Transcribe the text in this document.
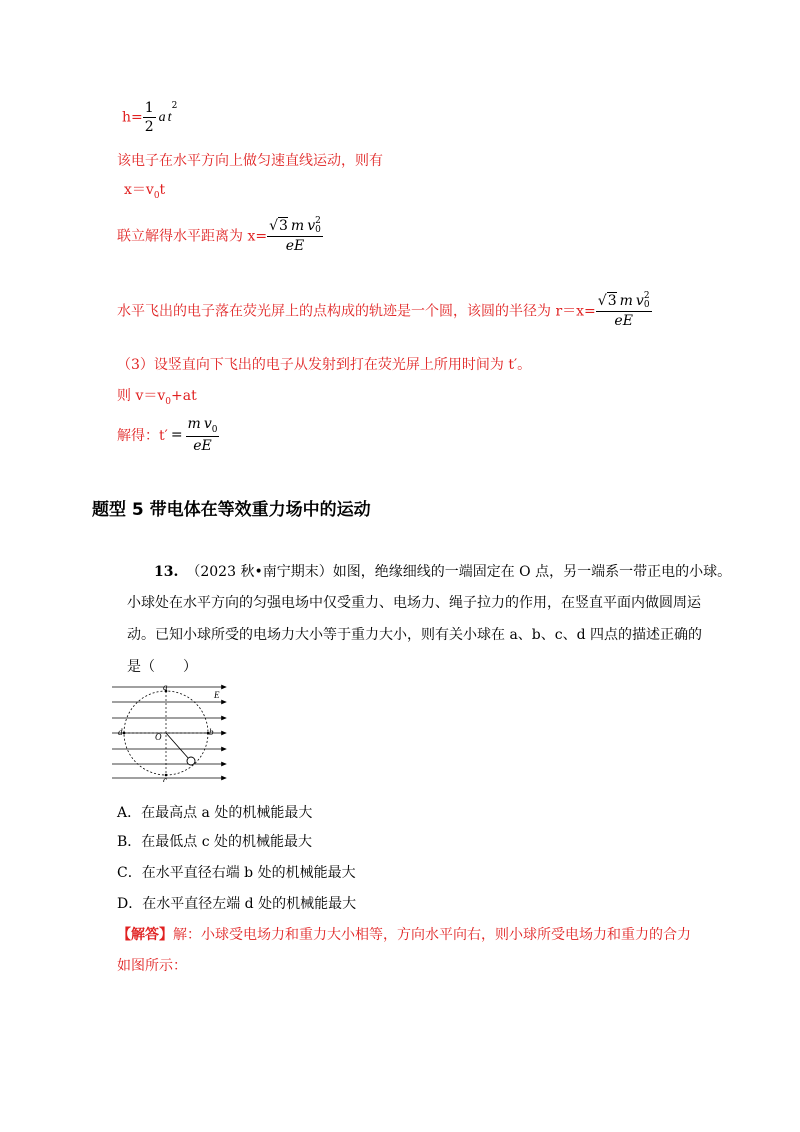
$h= \frac{1}{2}$ a $t^2$
该电子在水平方向上做匀速直线运动，则有
$x=v_0t$
联立解得水平距离为 x= √3 m v 2
0
eE
水平飞出的电子落在荧光屏上的点构成的轨迹是一个圆，该圆的半径为 r＝x= √3 m v 2
0
eE
（3）设竖直向下飞出的电子从发射到打在荧光屏上所用时间为 t′。
则 $v=v_0+at$
解得：$t' = \frac{m v_0}{eE}$
题型 5 带电体在等效重力场中的运动
13. （2023 秋•南宁期末）如图，绝缘细线的一端固定在 O 点，另一端系一带正电的小球。
小球处在水平方向的匀强电场中仅受重力、电场力、绳子拉力的作用，在竖直平面内做圆周运
动。已知小球所受的电场力大小等于重力大小，则有关小球在 a、b、c、d 四点的描述正确的
是（　　）
a
c
d	b
O
E
A．在最高点 a 处的机械能最大
B．在最低点 c 处的机械能最大
C．在水平直径右端 b 处的机械能最大
D．在水平直径左端 d 处的机械能最大
【解答】解：小球受电场力和重力大小相等，方向水平向右，则小球所受电场力和重力的合力
如图所示：
